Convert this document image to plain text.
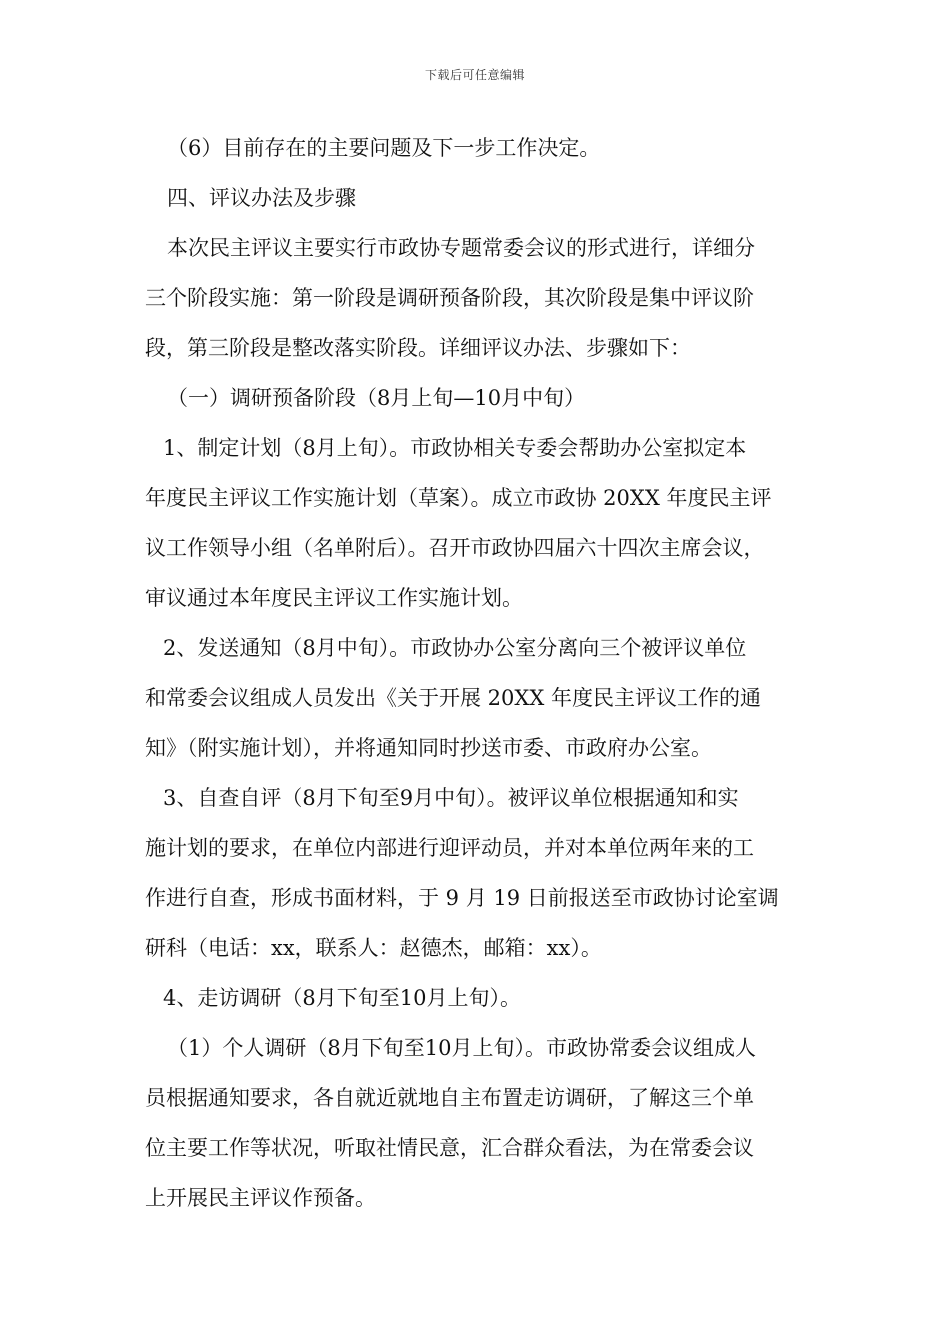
下载后可任意编辑
（6）目前存在的主要问题及下一步工作决定。
四、评议办法及步骤
本次民主评议主要实行市政协专题常委会议的形式进行，详细分
三个阶段实施：第一阶段是调研预备阶段，其次阶段是集中评议阶
段，第三阶段是整改落实阶段。详细评议办法、步骤如下：
（一）调研预备阶段（8月上旬—10月中旬）
1、制定计划（8月上旬）。市政协相关专委会帮助办公室拟定本
年度民主评议工作实施计划（草案）。成立市政协 20XX 年度民主评
议工作领导小组（名单附后）。召开市政协四届六十四次主席会议，
审议通过本年度民主评议工作实施计划。
2、发送通知（8月中旬）。市政协办公室分离向三个被评议单位
和常委会议组成人员发出《关于开展 20XX 年度民主评议工作的通
知》（附实施计划），并将通知同时抄送市委、市政府办公室。
3、自查自评（8月下旬至9月中旬）。被评议单位根据通知和实
施计划的要求，在单位内部进行迎评动员，并对本单位两年来的工
作进行自查，形成书面材料，于 9 月 19 日前报送至市政协讨论室调
研科（电话：xx，联系人：赵德杰，邮箱：xx）。
4、走访调研（8月下旬至10月上旬）。
（1）个人调研（8月下旬至10月上旬）。市政协常委会议组成人
员根据通知要求，各自就近就地自主布置走访调研，了解这三个单
位主要工作等状况，听取社情民意，汇合群众看法，为在常委会议
上开展民主评议作预备。
